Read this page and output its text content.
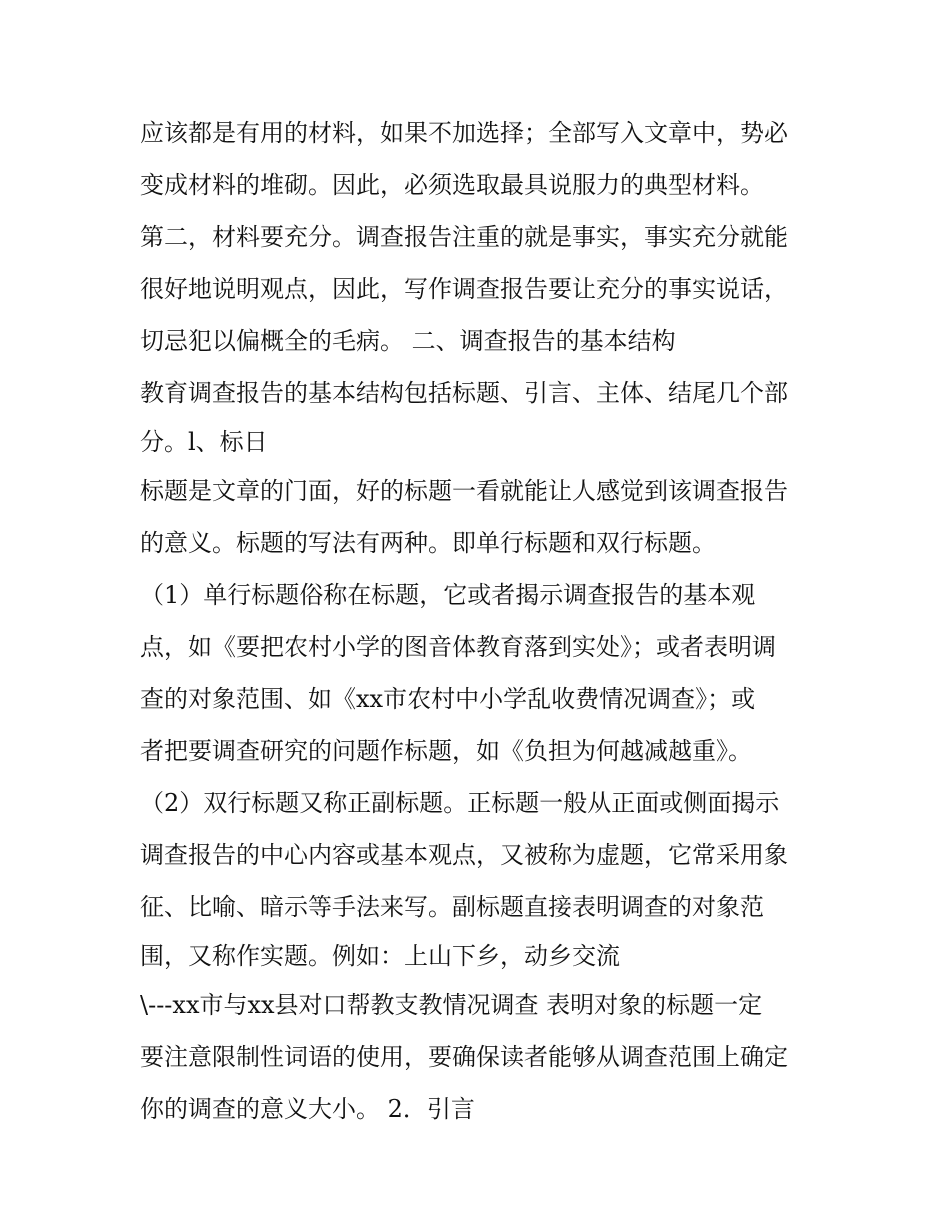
应该都是有用的材料，如果不加选择；全部写入文章中，势必
变成材料的堆砌。因此，必须选取最具说服力的典型材料。
第二，材料要充分。调查报告注重的就是事实，事实充分就能
很好地说明观点，因此，写作调查报告要让充分的事实说话，
切忌犯以偏概全的毛病。 二、调查报告的基本结构
教育调查报告的基本结构包括标题、引言、主体、结尾几个部
分。l、标日
标题是文章的门面，好的标题一看就能让人感觉到该调查报告
的意义。标题的写法有两种。即单行标题和双行标题。
（1）单行标题俗称在标题，它或者揭示调查报告的基本观
点，如《要把农村小学的图音体教育落到实处》；或者表明调
查的对象范围、如《xx市农村中小学乱收费情况调查》；或
者把要调查研究的问题作标题，如《负担为何越减越重》。
（2）双行标题又称正副标题。正标题一般从正面或侧面揭示
调查报告的中心内容或基本观点，又被称为虚题，它常采用象
征、比喻、暗示等手法来写。副标题直接表明调查的对象范
围，又称作实题。例如：上山下乡，动乡交流
\---xx市与xx县对口帮教支教情况调查 表明对象的标题一定
要注意限制性词语的使用，要确保读者能够从调查范围上确定
你的调查的意义大小。 2．引言
